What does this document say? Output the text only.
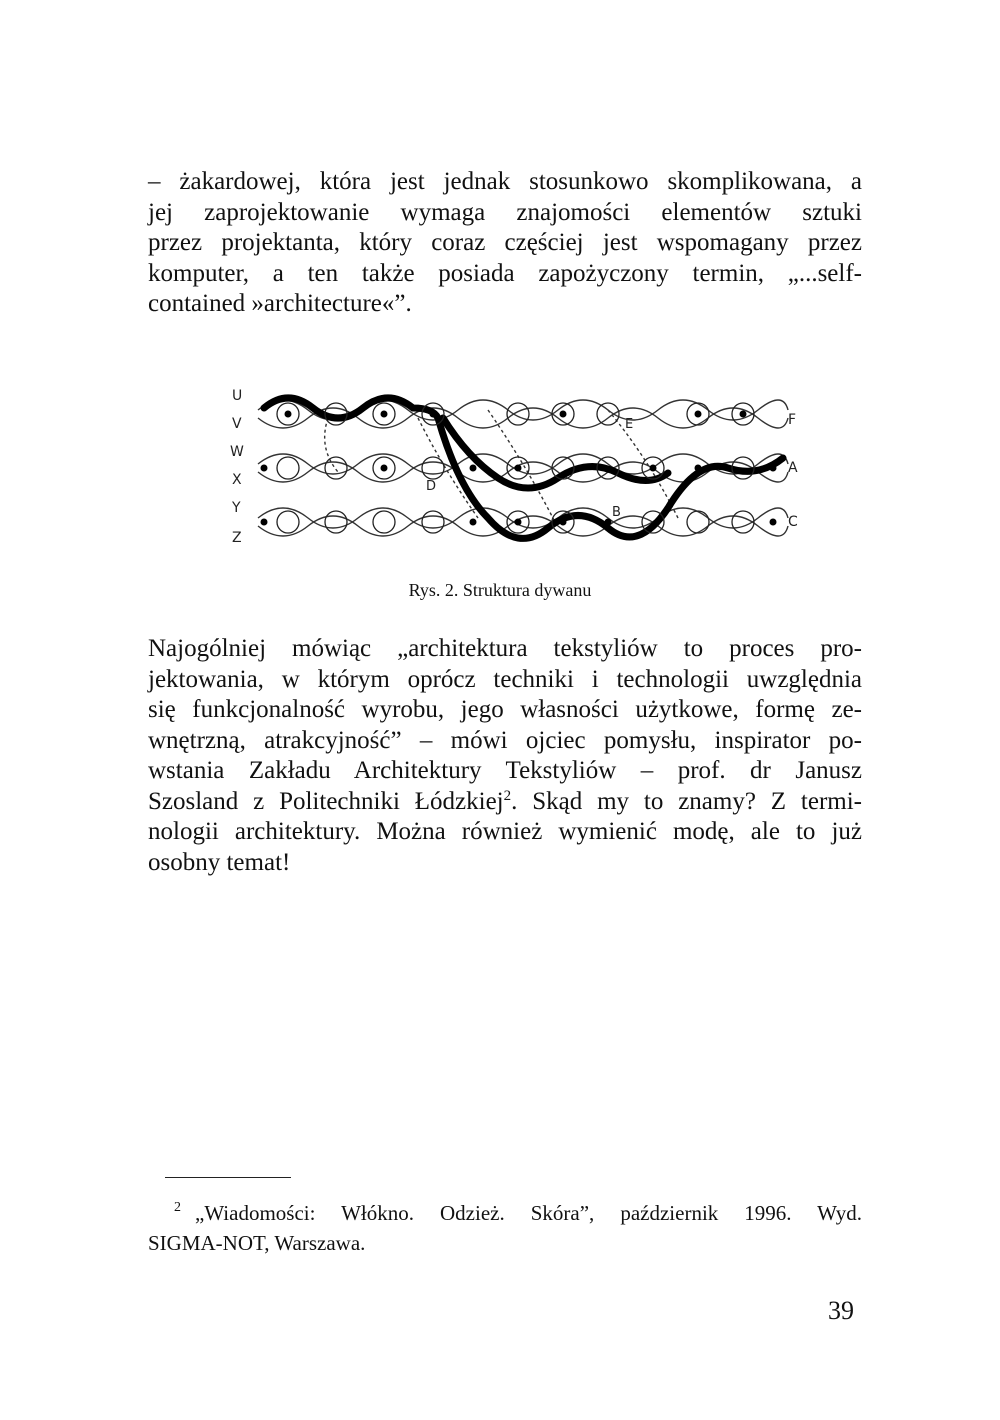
– żakardowej, która jest jednak stosunkowo skomplikowana, a
jej zaprojektowanie wymaga znajomości elementów sztuki
przez projektanta, który coraz częściej jest wspomagany przez
komputer, a ten także posiada zapożyczony termin, „...self-
contained »architecture«”.

U
V
W
X
Y
Z
F
A
C
D
E
B
Rys. 2. Struktura dywanu

Najogólniej mówiąc „architektura tekstyliów to proces pro-
jektowania, w którym oprócz techniki i technologii uwzględnia
się funkcjonalność wyrobu, jego własności użytkowe, formę ze-
wnętrzną, atrakcyjność” – mówi ojciec pomysłu, inspirator po-
wstania Zakładu Architektury Tekstyliów – prof. dr Janusz
Szosland z Politechniki Łódzkiej$^2$. Skąd my to znamy? Z termi-
nologii architektury. Można również wymienić modę, ale to już
osobny temat!

$^2$ „Wiadomości: Włókno. Odzież. Skóra”, październik 1996. Wyd.
SIGMA-NOT, Warszawa.

39
